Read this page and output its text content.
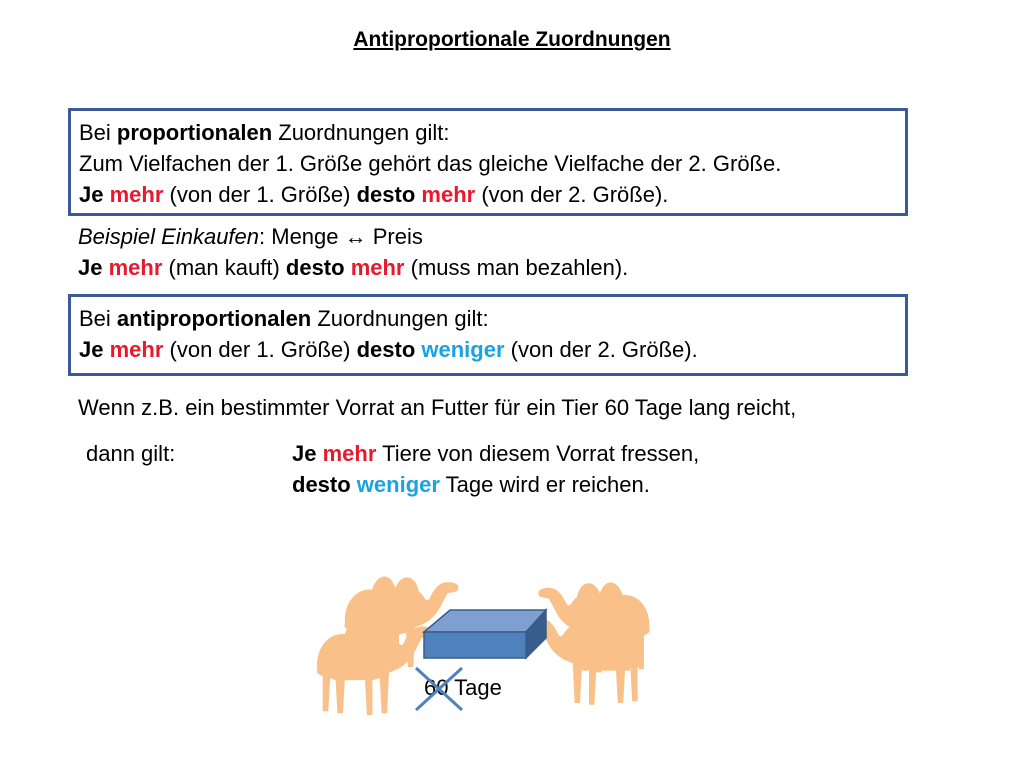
Antiproportionale Zuordnungen
Bei proportionalen Zuordnungen gilt:
Zum Vielfachen der 1. Größe gehört das gleiche Vielfache der 2. Größe.
Je mehr (von der 1. Größe) desto mehr (von der 2. Größe).
Beispiel Einkaufen: Menge ↔ Preis
Je mehr (man kauft) desto mehr (muss man bezahlen).
Bei antiproportionalen Zuordnungen gilt:
Je mehr (von der 1. Größe) desto weniger (von der 2. Größe).
Wenn z.B. ein bestimmter Vorrat an Futter für ein Tier 60 Tage lang reicht,
dann gilt:	Je mehr Tiere von diesem Vorrat fressen,
desto weniger Tage wird er reichen.
60 Tage
